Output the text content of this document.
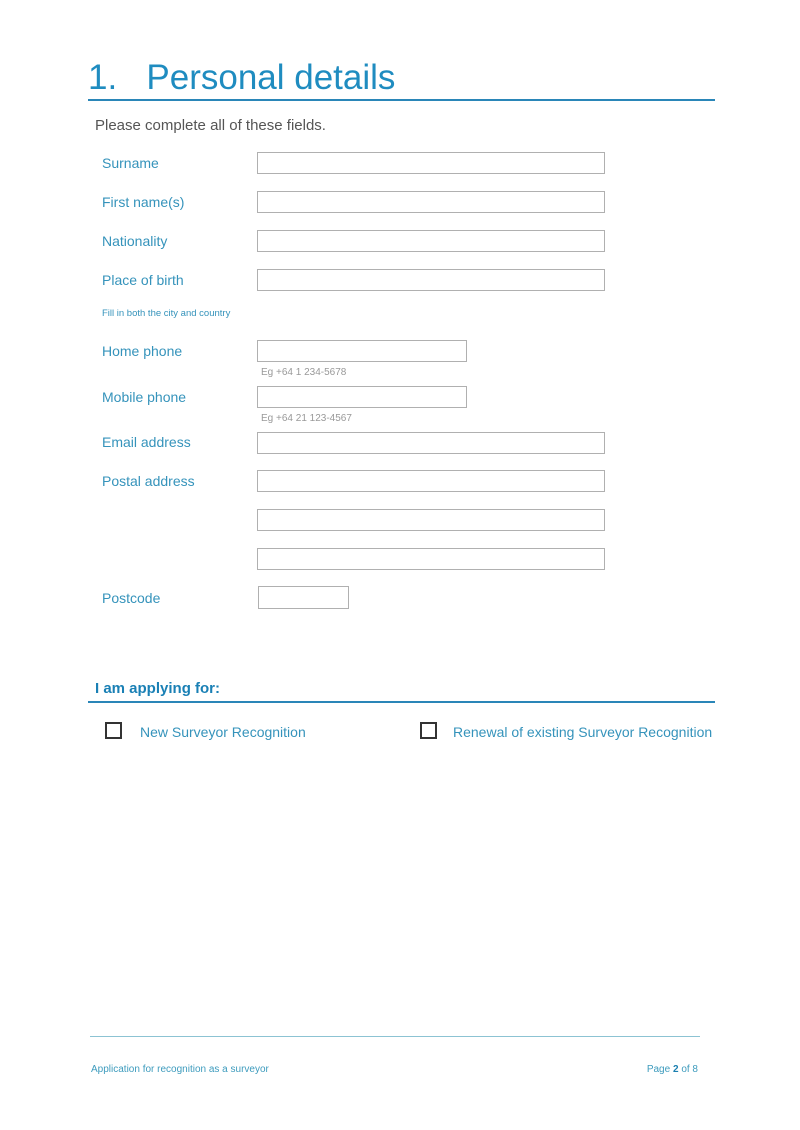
1. Personal details
Please complete all of these fields.
Surname
First name(s)
Nationality
Place of birth
Fill in both the city and country
Home phone
Eg +64 1 234-5678
Mobile phone
Eg +64 21 123-4567
Email address
Postal address
Postcode
I am applying for:
New Surveyor Recognition	Renewal of existing Surveyor Recognition
Application for recognition as a surveyor	Page 2 of 8
